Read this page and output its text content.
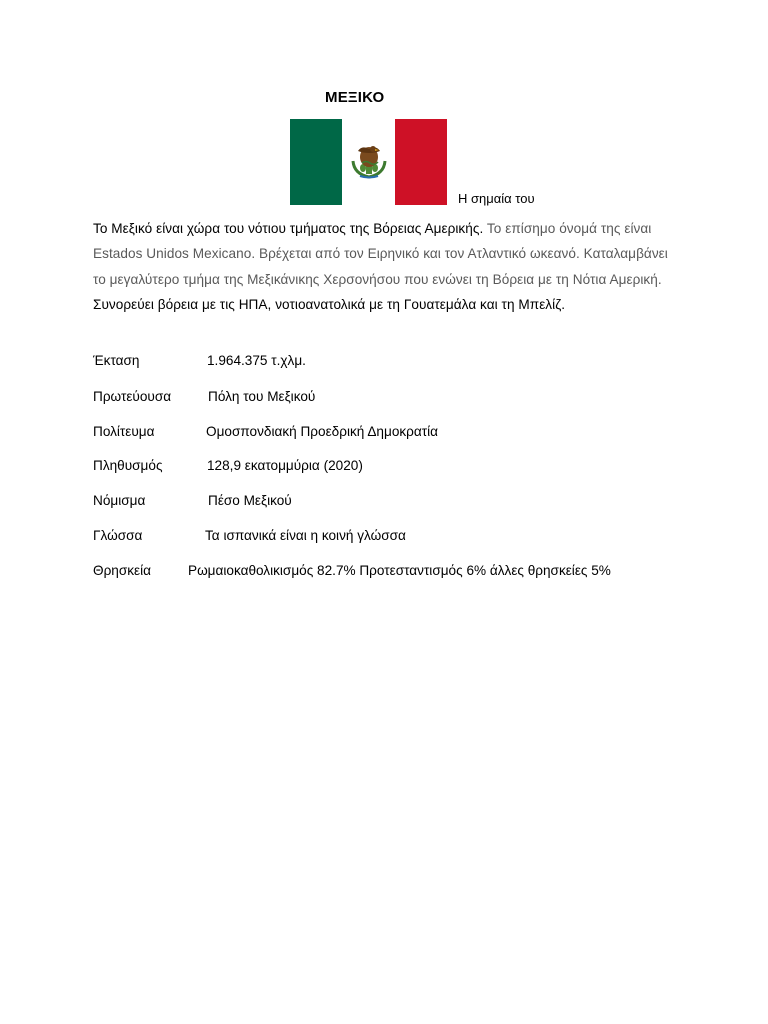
ΜΕΞΙΚΟ
Η σημαία του

Το Μεξικό είναι χώρα του νότιου τμήματος της Βόρειας Αμερικής. Το επίσημο όνομά της είναι Estados Unidos Mexicano. Βρέχεται από τον Ειρηνικό και τον Ατλαντικό ωκεανό. Καταλαμβάνει το μεγαλύτερο τμήμα της Μεξικάνικης Χερσονήσου που ενώνει τη Βόρεια με τη Νότια Αμερική. Συνορεύει βόρεια με τις ΗΠΑ, νοτιοανατολικά με τη Γουατεμάλα και τη Μπελίζ.

Έκταση	1.964.375 τ.χλμ.
Πρωτεύουσα	Πόλη του Μεξικού
Πολίτευμα	Ομοσπονδιακή Προεδρική Δημοκρατία
Πληθυσμός	128,9 εκατομμύρια (2020)
Νόμισμα	Πέσο Μεξικού
Γλώσσα	Τα ισπανικά είναι η κοινή γλώσσα
Θρησκεία	Ρωμαιοκαθολικισμός 82.7% Προτεσταντισμός 6% άλλες θρησκείες 5%
